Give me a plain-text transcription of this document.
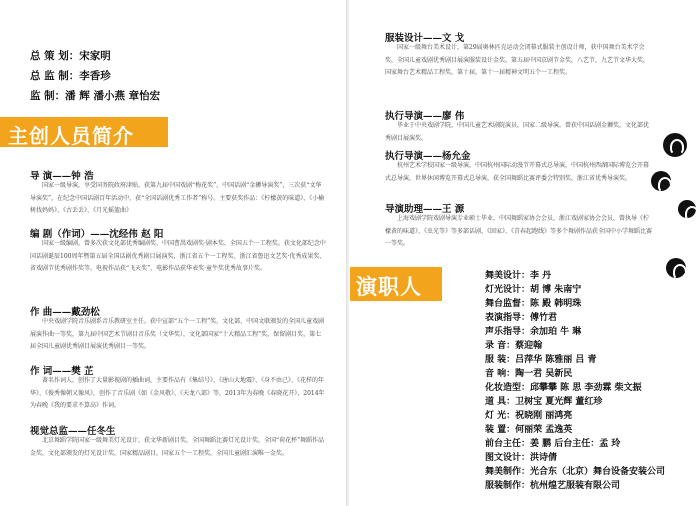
总 策 划：宋家明
总 监 制：李香珍
监 制：潘 辉 潘小燕 章怡宏
主创人员简介
导 演——钟 浩
国家一级导演，享受国务院政府津贴，获第九届中国戏剧“梅花奖”，中国话剧“金狮导演奖”，三次获“文华导演奖”，在纪念中国话剧百年活动中，获“全国话剧优秀工作者”称号。主要获奖作品：《柠檬黄的味道》、《小榆树找妈妈》、《古丢丢》、《月光摇篮曲》
编 剧（作词）——沈经伟 赵 阳
国家一级编剧，曾多次获文化部优秀编剧奖、中国曹禺戏剧奖·剧本奖、全国五个一工程奖。获文化部纪念中国话剧诞辰100周年暨第五届全国话剧优秀剧目展演奖，浙江省五个一工程奖、浙江省鲁迅文艺奖·优秀成果奖、省戏剧节优秀剧作奖等。电视作品获“飞天奖”，电影作品获华表奖·童牛奖优秀故事片奖。
作 曲——戴劲松
中央戏剧学院音乐剧系音乐教研室主任。获中宣部“五个一工程”奖，文化部、中国文联颁发的全国儿童戏剧展演作曲一等奖，第九届中国艺术节剧目音乐奖（文华奖），文化部国家“十大精品工程”奖，保留剧目奖，第七届全国儿童剧优秀剧目展演优秀剧目一等奖。
作 词——樊 芷
著名作词人，创作了大量影视剧的插曲词，主要作品有《集结号》、《唐山大地震》、《身不由己》、《花样的年华》、《俊秀像朝又像风》，创作了音乐剧《如《金风敬》、《天龙八部》等，2013年为春晚《春晓花开》，2014年为春晚《我的要求不算高》作词。
视觉总监——任冬生
北京舞蹈学院国家一级舞美灯光设计，获文华新剧目奖，全国舞蹈比赛灯光设计奖，全国“荷花杯”舞蹈作品金奖，文化部颁发的灯光设计奖，国家精品剧目，国家五个一工程奖，全国儿童剧汇演唯一金奖。
服装设计——文 戈
国家一级舞台美术设计，第29届奥林匹克运动会闭幕式服装主创设计师，获中国舞台美术学会奖，全国儿童戏剧优秀剧目展演服装设计金奖，第五届中国京剧节金奖，八艺节，九艺节文华大奖，国家舞台艺术精品工程奖，第十届，第十一届精神文明五个一工程奖。
执行导演——廖 伟
毕业于中央戏剧学院，中国儿童艺术剧院演员，国家二级导演。曾获中国话剧金狮奖，文化部优秀剧目展演奖。
执行导演——杨允金
杭州艺术学校国家一级导演，中国杭州国际动漫节开幕式总导演，中国杭州西湖国际博览会开幕式总导演，世界休闲博览开幕式总导演，获全国舞蹈比赛评委会特别奖，浙江省优秀导演奖。
导演助理——王 源
上海戏剧学院戏剧导演专业硕士毕业，中国舞蹈家协会会员，浙江戏剧家协会会员，曾执导《柠檬黄的味道》、《虫光等》等多部话剧、《回家》、《青春起跑线》等多个舞剧作品获全国中小学舞蹈比赛一等奖。
演职人员
舞美设计：李 丹
灯光设计：胡 博 朱南宁
舞台监督：陈 殿 韩明珠
表演指导：傅竹君
声乐指导：余加珀 牛 琳
录 音：蔡迎翰
服 装：吕萍华 陈雅丽 吕 青
音 响：陶一君 吴新民
化妆造型：邱攀攀 陈 思 李劲霖 柴文振
道 具：卫树宝 夏光辉 董红珍
灯 光：祝晓刚 丽鸿亮
装 置：何丽荣 孟逸英
前台主任：姜 鹏 后台主任：孟 玲
图文设计：洪诗倩
舞美制作：光合东（北京）舞台设备安装公司
服装制作：杭州煌艺服装有限公司
